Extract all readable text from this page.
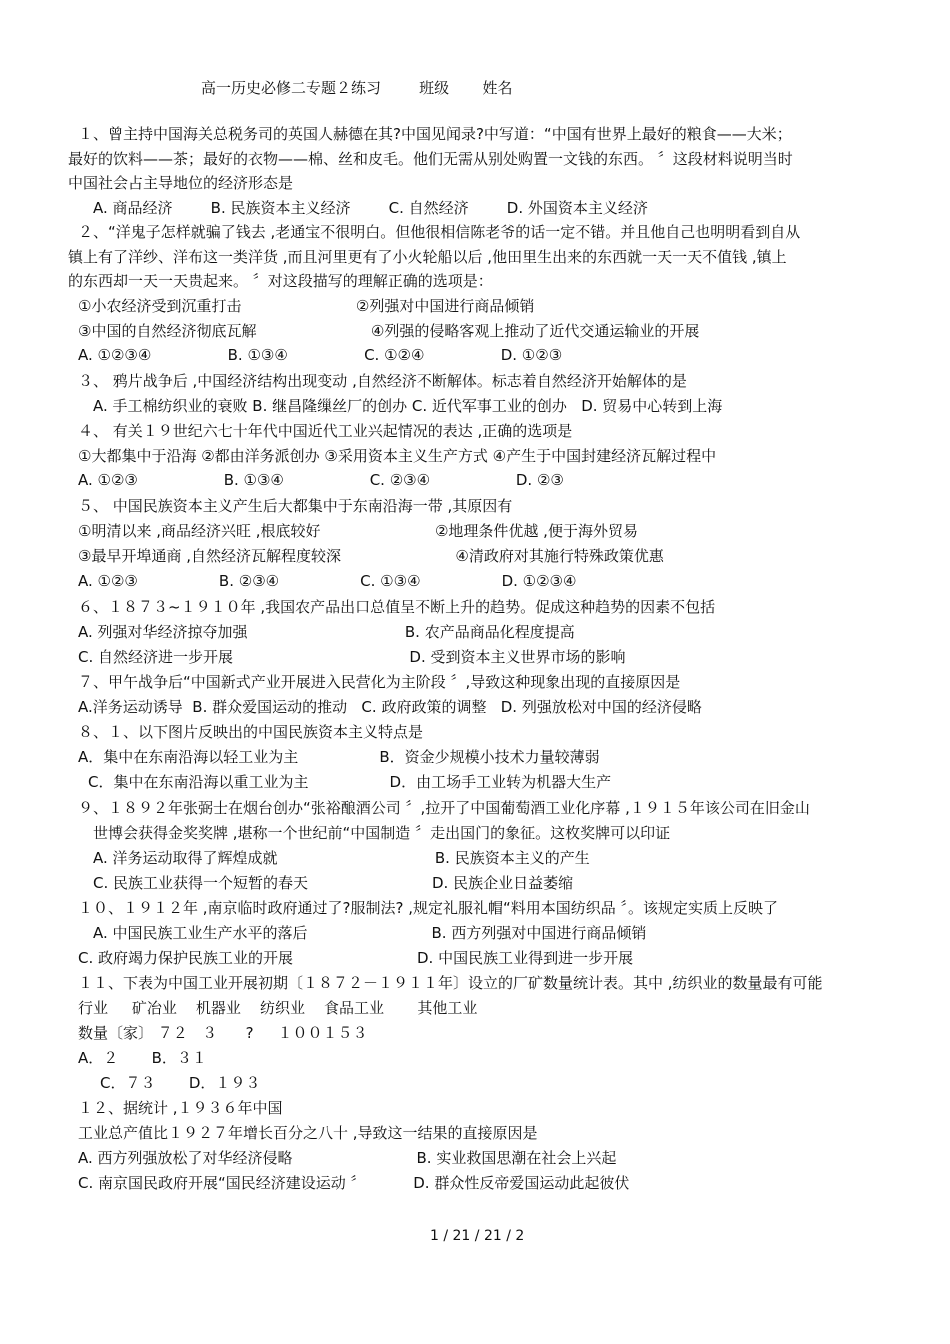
高一历史必修二专题２练习        班级       姓名
１、曾主持中国海关总税务司的英国人赫德在其?中国见闻录?中写道：“中国有世界上最好的粮食——大米；
最好的饮料——茶；最好的衣物——棉、丝和皮毛。他们无需从别处购置一文钱的东西。 〞这段材料说明当时
中国社会占主导地位的经济形态是
A. 商品经济        B. 民族资本主义经济        C. 自然经济        D. 外国资本主义经济
２、“洋鬼子怎样就骗了钱去 ,老通宝不很明白。但他很相信陈老爷的话一定不错。并且他自己也明明看到自从
镇上有了洋纱、洋布这一类洋货 ,而且河里更有了小火轮船以后 ,他田里生出来的东西就一天一天不值钱 ,镇上
的东西却一天一天贵起来。 〞对这段描写的理解正确的选项是：
①小农经济受到沉重打击                        ②列强对中国进行商品倾销
③中国的自然经济彻底瓦解                        ④列强的侵略客观上推动了近代交通运输业的开展
A. ①②③④                B. ①③④                C. ①②④                D. ①②③
３、 鸦片战争后 ,中国经济结构出现变动 ,自然经济不断解体。标志着自然经济开始解体的是
A. 手工棉纺织业的衰败 B. 继昌隆缫丝厂的创办 C. 近代军事工业的创办   D. 贸易中心转到上海
４、 有关１９世纪六七十年代中国近代工业兴起情况的表达 ,正确的选项是
①大都集中于沿海 ②都由洋务派创办 ③采用资本主义生产方式 ④产生于中国封建经济瓦解过程中
A. ①②③                  B. ①③④                  C. ②③④                  D. ②③
５、 中国民族资本主义产生后大都集中于东南沿海一带 ,其原因有
①明清以来 ,商品经济兴旺 ,根底较好                        ②地理条件优越 ,便于海外贸易
③最早开埠通商 ,自然经济瓦解程度较深                        ④清政府对其施行特殊政策优惠
A. ①②③                 B. ②③④                 C. ①③④                 D. ①②③④
６、１８７３~１９１０年 ,我国农产品出口总值呈不断上升的趋势。促成这种趋势的因素不包括
A. 列强对华经济掠夺加强                                 B. 农产品商品化程度提高
C. 自然经济进一步开展                                     D. 受到资本主义世界市场的影响
７、甲午战争后“中国新式产业开展进入民营化为主阶段 〞,导致这种现象出现的直接原因是
A.洋务运动诱导  B. 群众爱国运动的推动   C. 政府政策的调整   D. 列强放松对中国的经济侵略
８、１、以下图片反映出的中国民族资本主义特点是
A．集中在东南沿海以轻工业为主                 B．资金少规模小技术力量较薄弱
C．集中在东南沿海以重工业为主                 D．由工场手工业转为机器大生产
９、１８９２年张弼士在烟台创办“张裕酿酒公司 〞,拉开了中国葡萄酒工业化序幕 ,１９１５年该公司在旧金山
世博会获得金奖奖牌 ,堪称一个世纪前“中国制造 〞走出国门的象征。这枚奖牌可以印证
A. 洋务运动取得了辉煌成就                                 B. 民族资本主义的产生
C. 民族工业获得一个短暂的春天                          D. 民族企业日益萎缩
１０、１９１２年 ,南京临时政府通过了?服制法? ,规定礼服礼帽“料用本国纺织品 〞。该规定实质上反映了
A. 中国民族工业生产水平的落后                          B. 西方列强对中国进行商品倾销
C. 政府竭力保护民族工业的开展                          D. 中国民族工业得到进一步开展
１１、下表为中国工业开展初期〔１８７２－１９１１年〕设立的厂矿数量统计表。其中 ,纺织业的数量最有可能
行业     矿冶业    机器业    纺织业    食品工业       其他工业
数量〔家〕 ７２   ３      ?     １００１５３
A．２       B．３１
C．７３       D．１９３
１２、据统计 ,１９３６年中国
工业总产值比１９２７年增长百分之八十 ,导致这一结果的直接原因是
A. 西方列强放松了对华经济侵略                          B. 实业救国思潮在社会上兴起
C. 南京国民政府开展“国民经济建设运动 〞          D. 群众性反帝爱国运动此起彼伏
1 / 21 / 21 / 2
